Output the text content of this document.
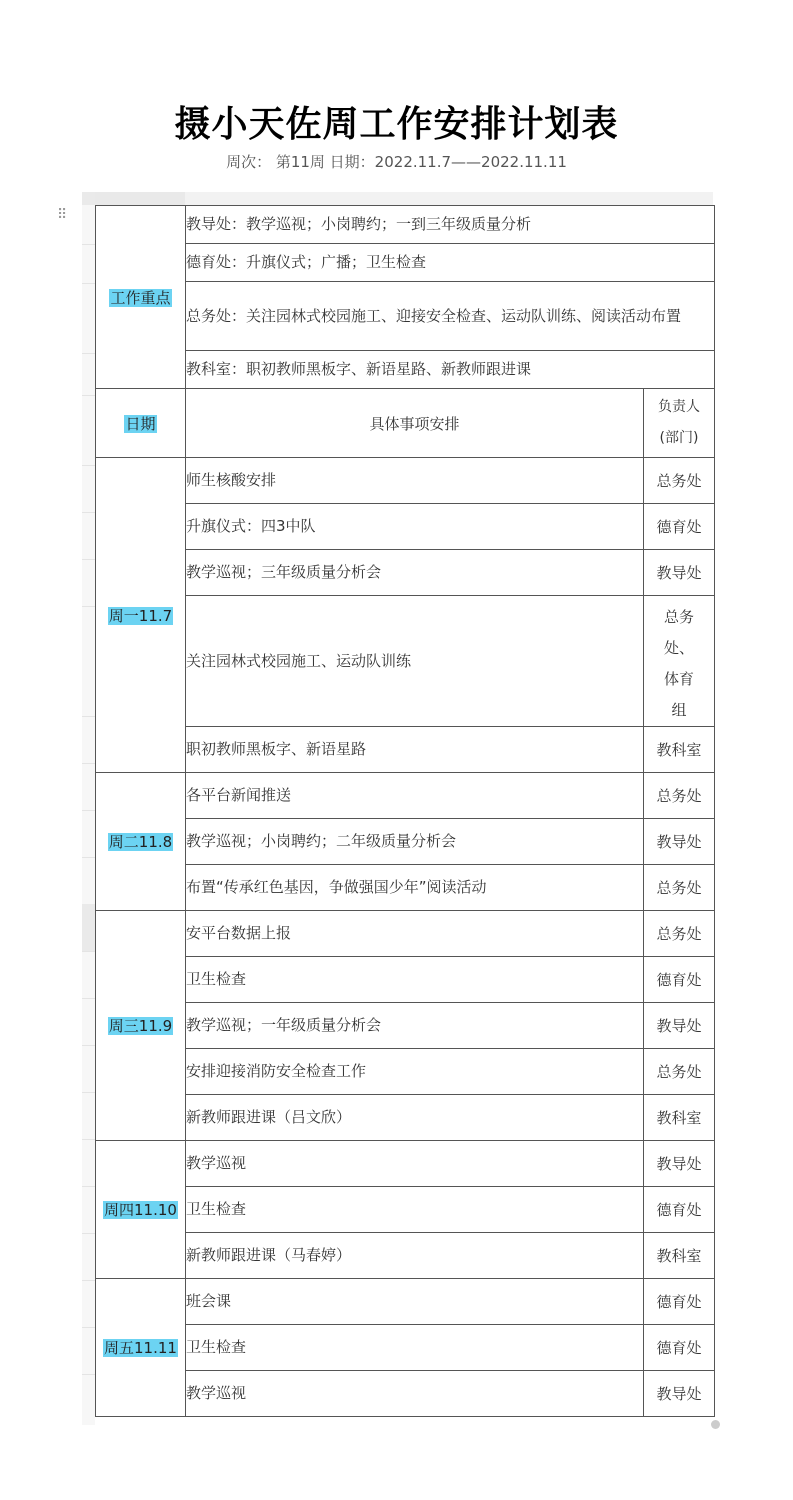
摄小天佐周工作安排计划表
周次： 第11周 日期：2022.11.7——2022.11.11
⠿
工作重点	教导处：教学巡视；小岗聘约；一到三年级质量分析	
	德育处：升旗仪式；广播；卫生检查	
	总务处：关注园林式校园施工、迎接安全检查、运动队训练、阅读活动布置	
	教科室：职初教师黑板字、新语星路、新教师跟进课	
日期	具体事项安排	负责人(部门)
周一11.7	师生核酸安排	总务处
	升旗仪式：四3中队	德育处
	教学巡视；三年级质量分析会	教导处
	关注园林式校园施工、运动队训练	总务处、体育组
	职初教师黑板字、新语星路	教科室
周二11.8	各平台新闻推送	总务处
	教学巡视；小岗聘约；二年级质量分析会	教导处
	布置“传承红色基因，争做强国少年”阅读活动	总务处
周三11.9	安平台数据上报	总务处
	卫生检查	德育处
	教学巡视；一年级质量分析会	教导处
	安排迎接消防安全检查工作	总务处
	新教师跟进课（吕文欣）	教科室
周四11.10	教学巡视	教导处
	卫生检查	德育处
	新教师跟进课（马春婷）	教科室
周五11.11	班会课	德育处
	卫生检查	德育处
	教学巡视	教导处
